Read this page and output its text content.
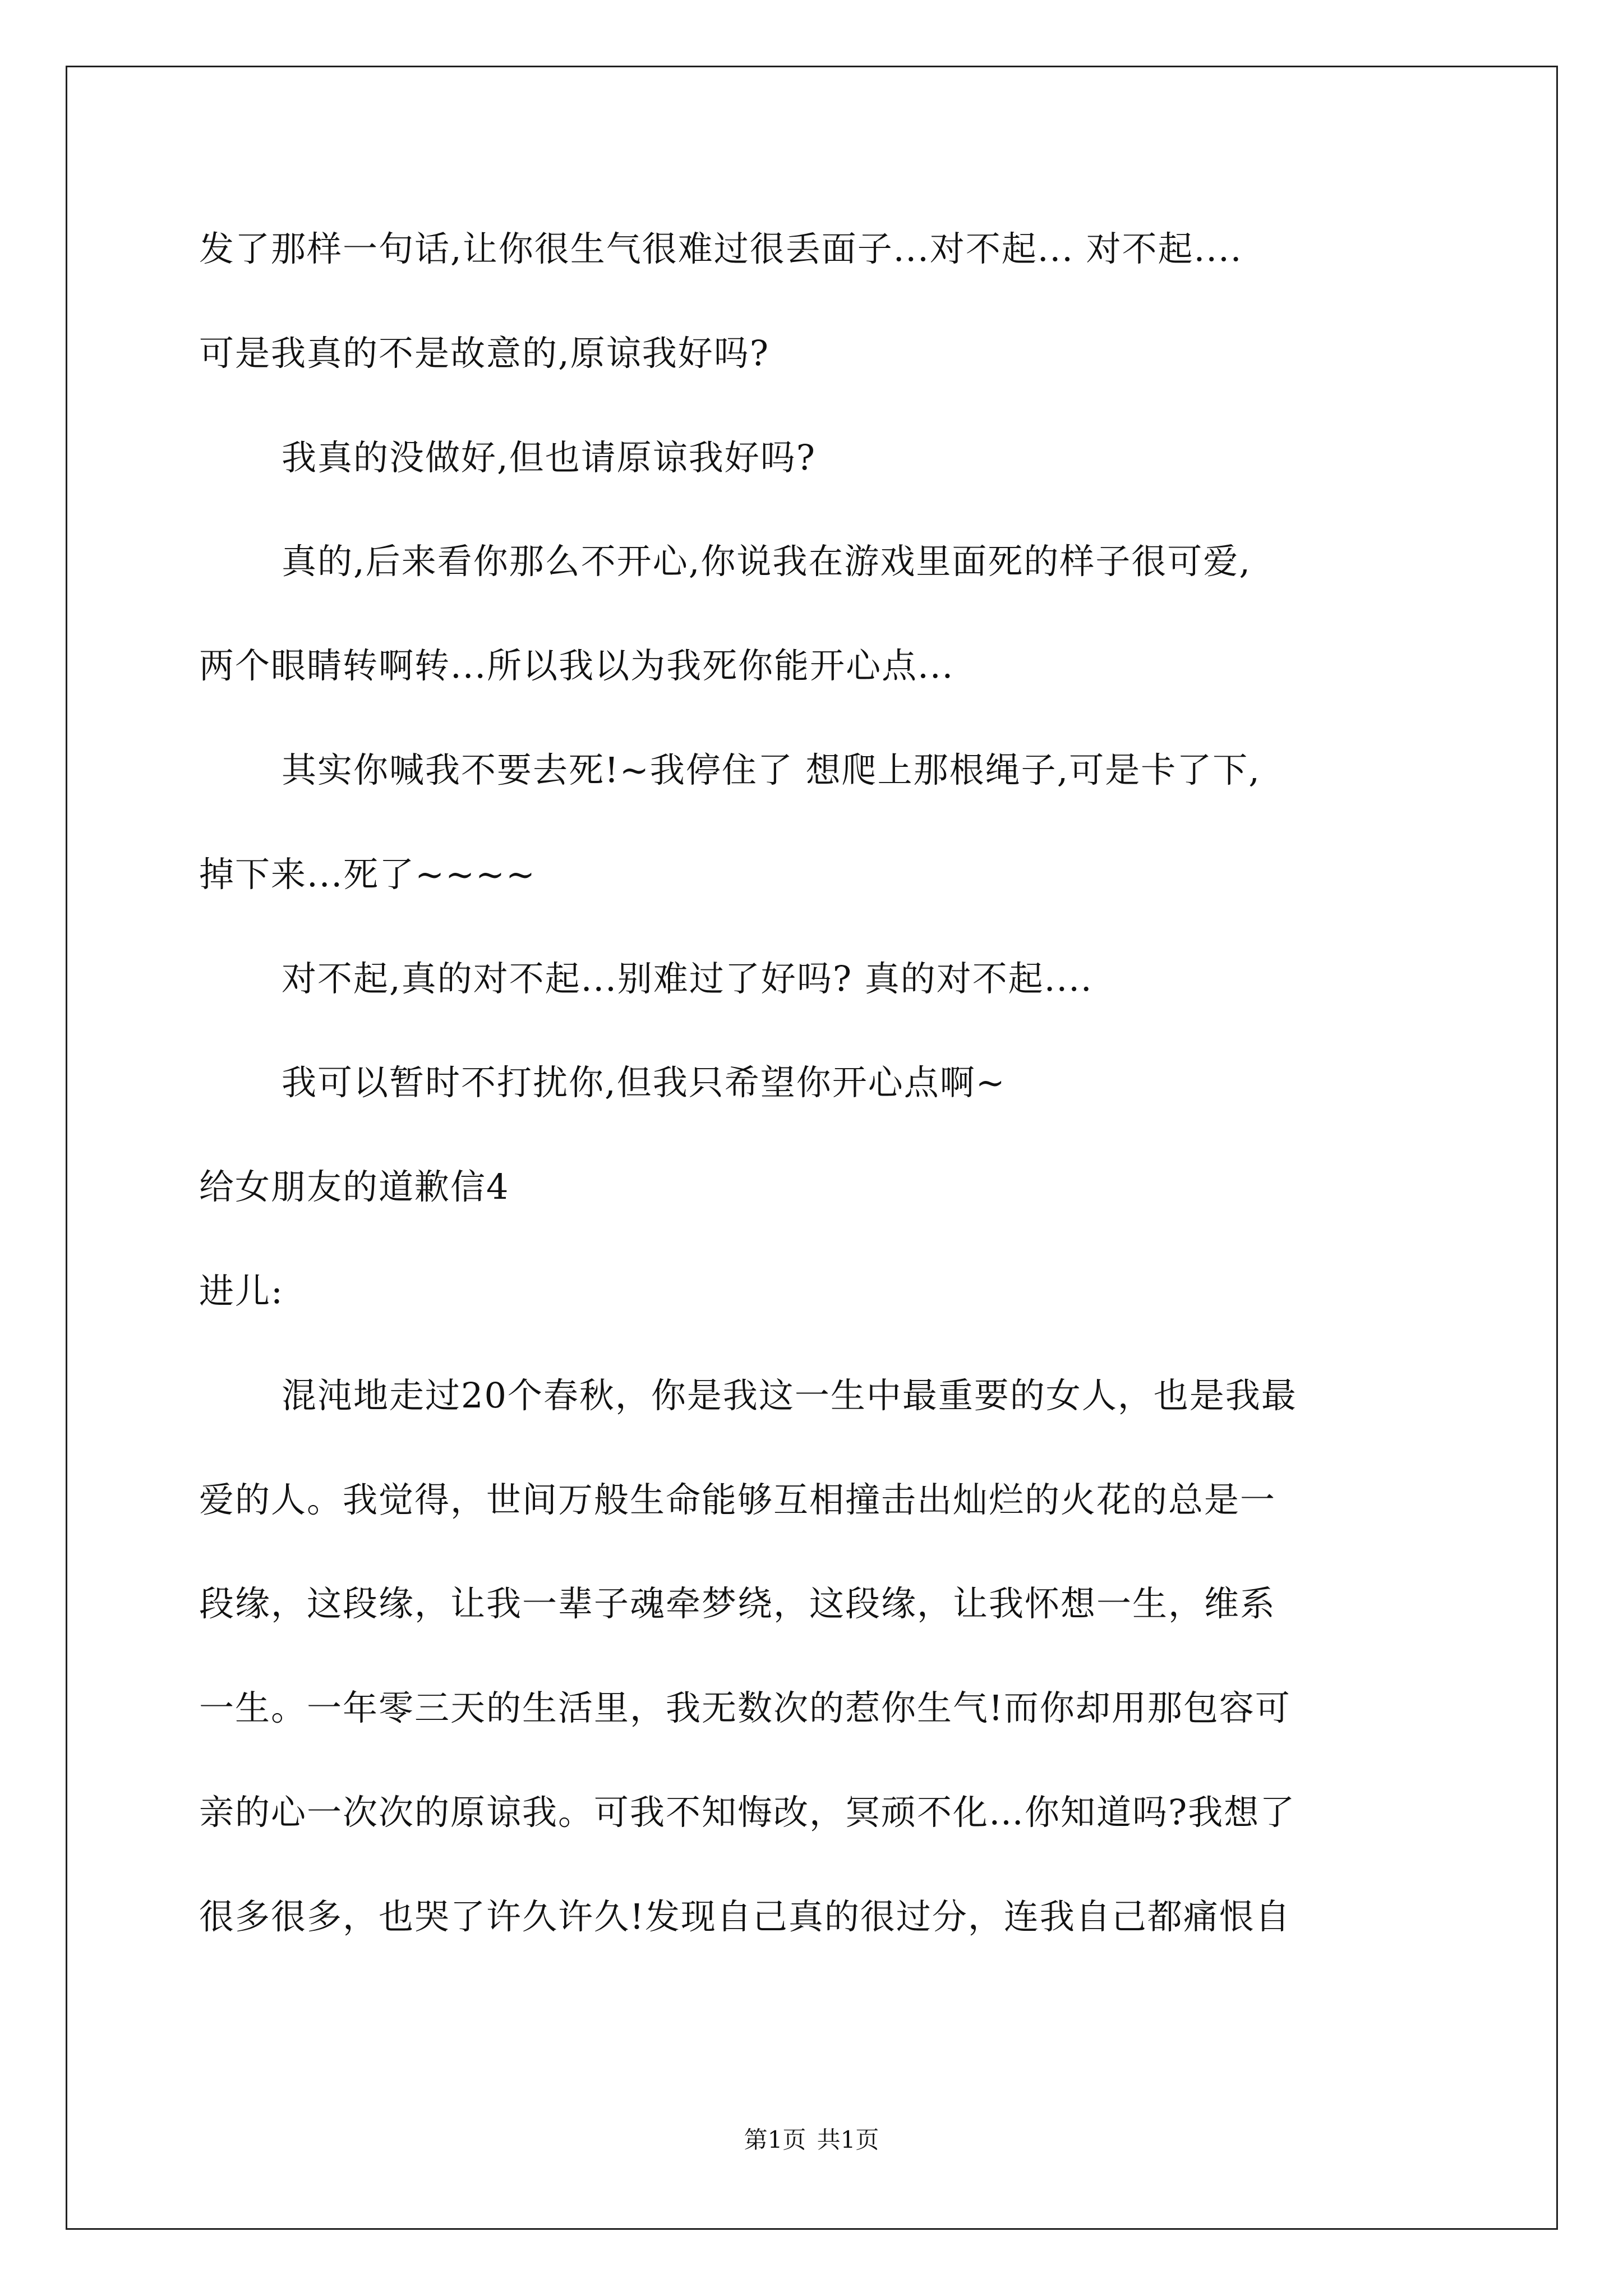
发了那样一句话,让你很生气很难过很丢面子...对不起... 对不起....
可是我真的不是故意的,原谅我好吗?
我真的没做好,但也请原谅我好吗?
真的,后来看你那么不开心,你说我在游戏里面死的样子很可爱,
两个眼睛转啊转...所以我以为我死你能开心点...
其实你喊我不要去死!~我停住了 想爬上那根绳子,可是卡了下,
掉下来...死了~~~~
对不起,真的对不起...别难过了好吗? 真的对不起....
我可以暂时不打扰你,但我只希望你开心点啊~
给女朋友的道歉信4
进儿:
混沌地走过20个春秋，你是我这一生中最重要的女人，也是我最
爱的人。我觉得，世间万般生命能够互相撞击出灿烂的火花的总是一
段缘，这段缘，让我一辈子魂牵梦绕，这段缘，让我怀想一生，维系
一生。一年零三天的生活里，我无数次的惹你生气!而你却用那包容可
亲的心一次次的原谅我。可我不知悔改，冥顽不化…你知道吗?我想了
很多很多，也哭了许久许久!发现自己真的很过分，连我自己都痛恨自
第1页 共1页
